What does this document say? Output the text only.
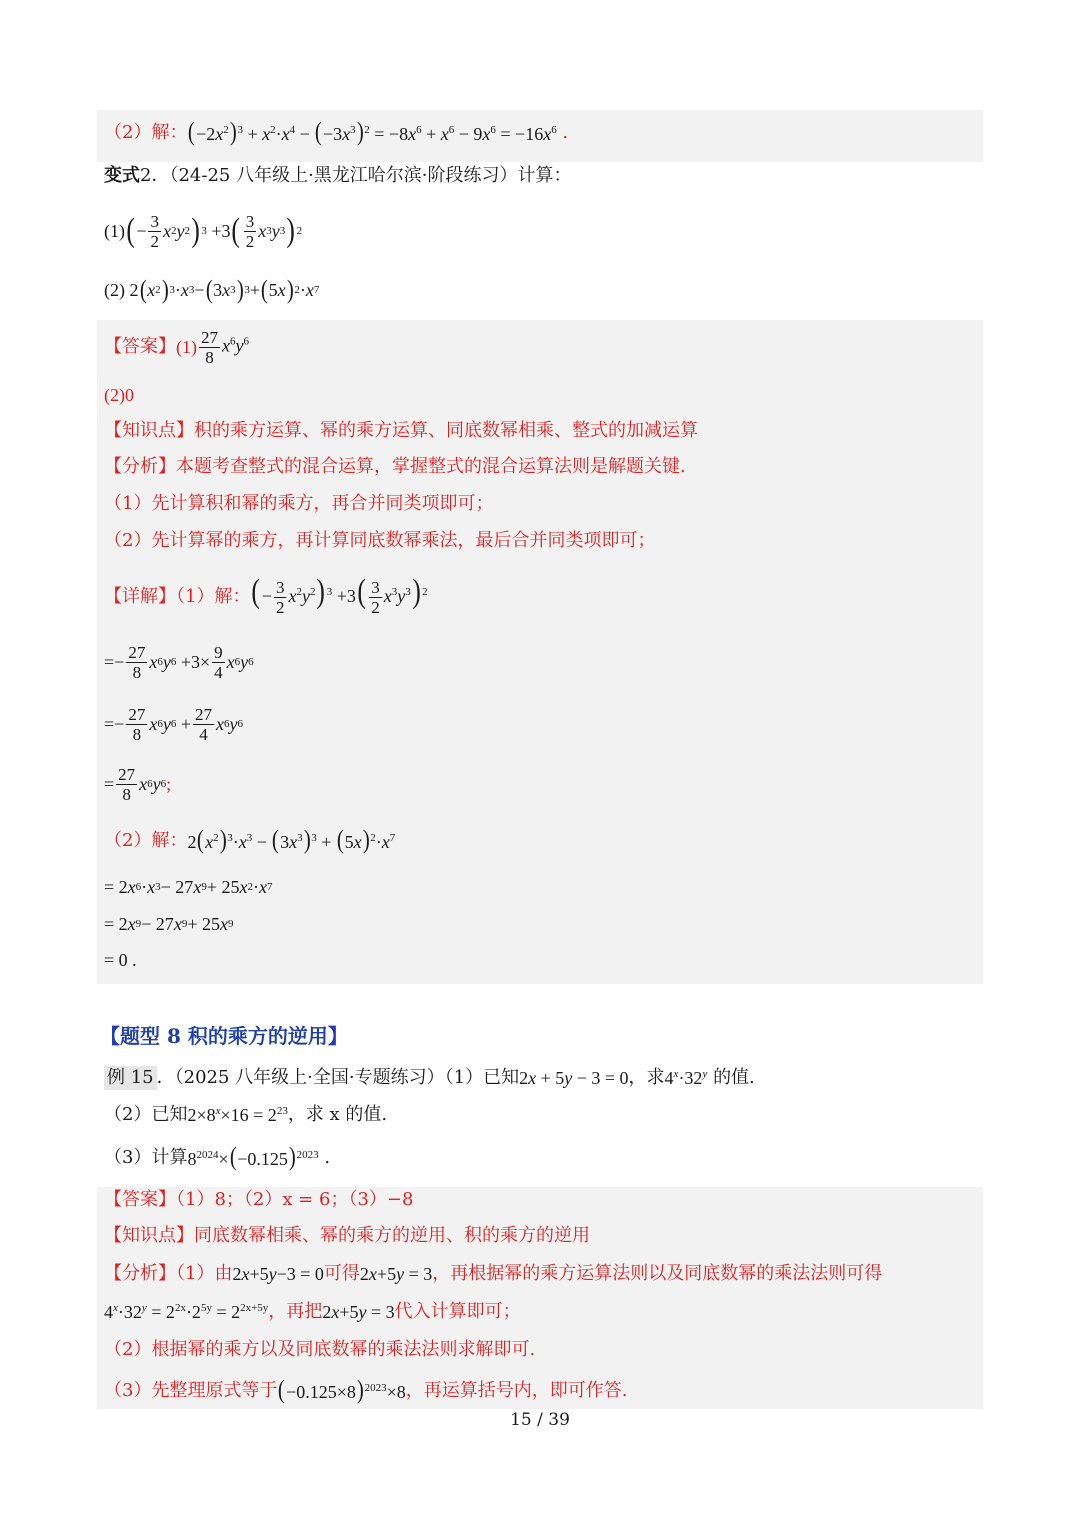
（2）解： $(-2x^2)^3 + x^2\cdot x^4 - (-3x^3)^2 = -8x^6 + x^6 - 9x^6 = -16x^6$ .
变式 2．（24-25 八年级上·黑龙江哈尔滨·阶段练习）计算：
(1) ( − $\frac{3}{2}$ x 2 y 2 ) 3 +3 ( $\frac{3}{2}$ x 3 y 3 ) 2
(2) 2 ( x 2 ) 3 · x 3 − ( 3 x 3 ) 3 + ( 5 x ) 2 · x 7
【答案】 $(1) \frac{27}{8} x^6y^6$
(2)0
【知识点】积的乘方运算、幂的乘方运算、同底数幂相乘、整式的加减运算
【分析】本题考查整式的混合运算，掌握整式的混合运算法则是解题关键.
（1）先计算积和幂的乘方，再合并同类项即可；
（2）先计算幂的乘方，再计算同底数幂乘法，最后合并同类项即可；
【详解】（1）解： (− $\frac{3}{2} x^2y^2)^3 +3( \frac{3}{2} x^3y^3)^2$
=− $\frac{27}{8}$ x 6 y $6 +3\times \frac{9}{4}$ x 6 y 6
=− $\frac{27}{8}$ x 6 y $6 + \frac{27}{4}$ x 6 y 6
= $\frac{27}{8}$ x 6 y 6 ;
（2）解： $2(x^2)^3\cdot x^3 - (3x^3)^3 + (5x)^2\cdot x^7$
= 2 x 6 · x 3 − 27 x 9 + 25 x 2 · x 7
= 2 x 9 − 27 x 9 + 25 x 9
= 0 .
【题型 8 积的乘方的逆用】
例 15 ．（2025 八年级上·全国·专题练习）（1）已知 2x + 5y − 3 = 0 ，求 $4^x\cdot 32^y$
的值.
（2）已知 $2\times 8^x\times 16 = 2^{23}$ ，求 x 的值.
（3）计算 $8^{2024}\times(-0.125)^{2023}$
.
【答案】（1）8；（2）x = 6；（3）−8
【知识点】同底数幂相乘、幂的乘方的逆用、积的乘方的逆用
【分析】（1）由 2x+5y−3 = 0 可得 2x+5y = 3 ，再根据幂的乘方运算法则以及同底数幂的乘法法则可得
$4^x\cdot 32^y = 2^{2x}\cdot 2^{5y} = 2^{2x+5y}$ ，再把 2x+5y = 3 代入计算即可；
（2）根据幂的乘方以及同底数幂的乘法法则求解即可.
（3）先整理原式等于 $(-0.125\times 8)^{2023}\times 8$ ，再运算括号内，即可作答.
15 / 39
